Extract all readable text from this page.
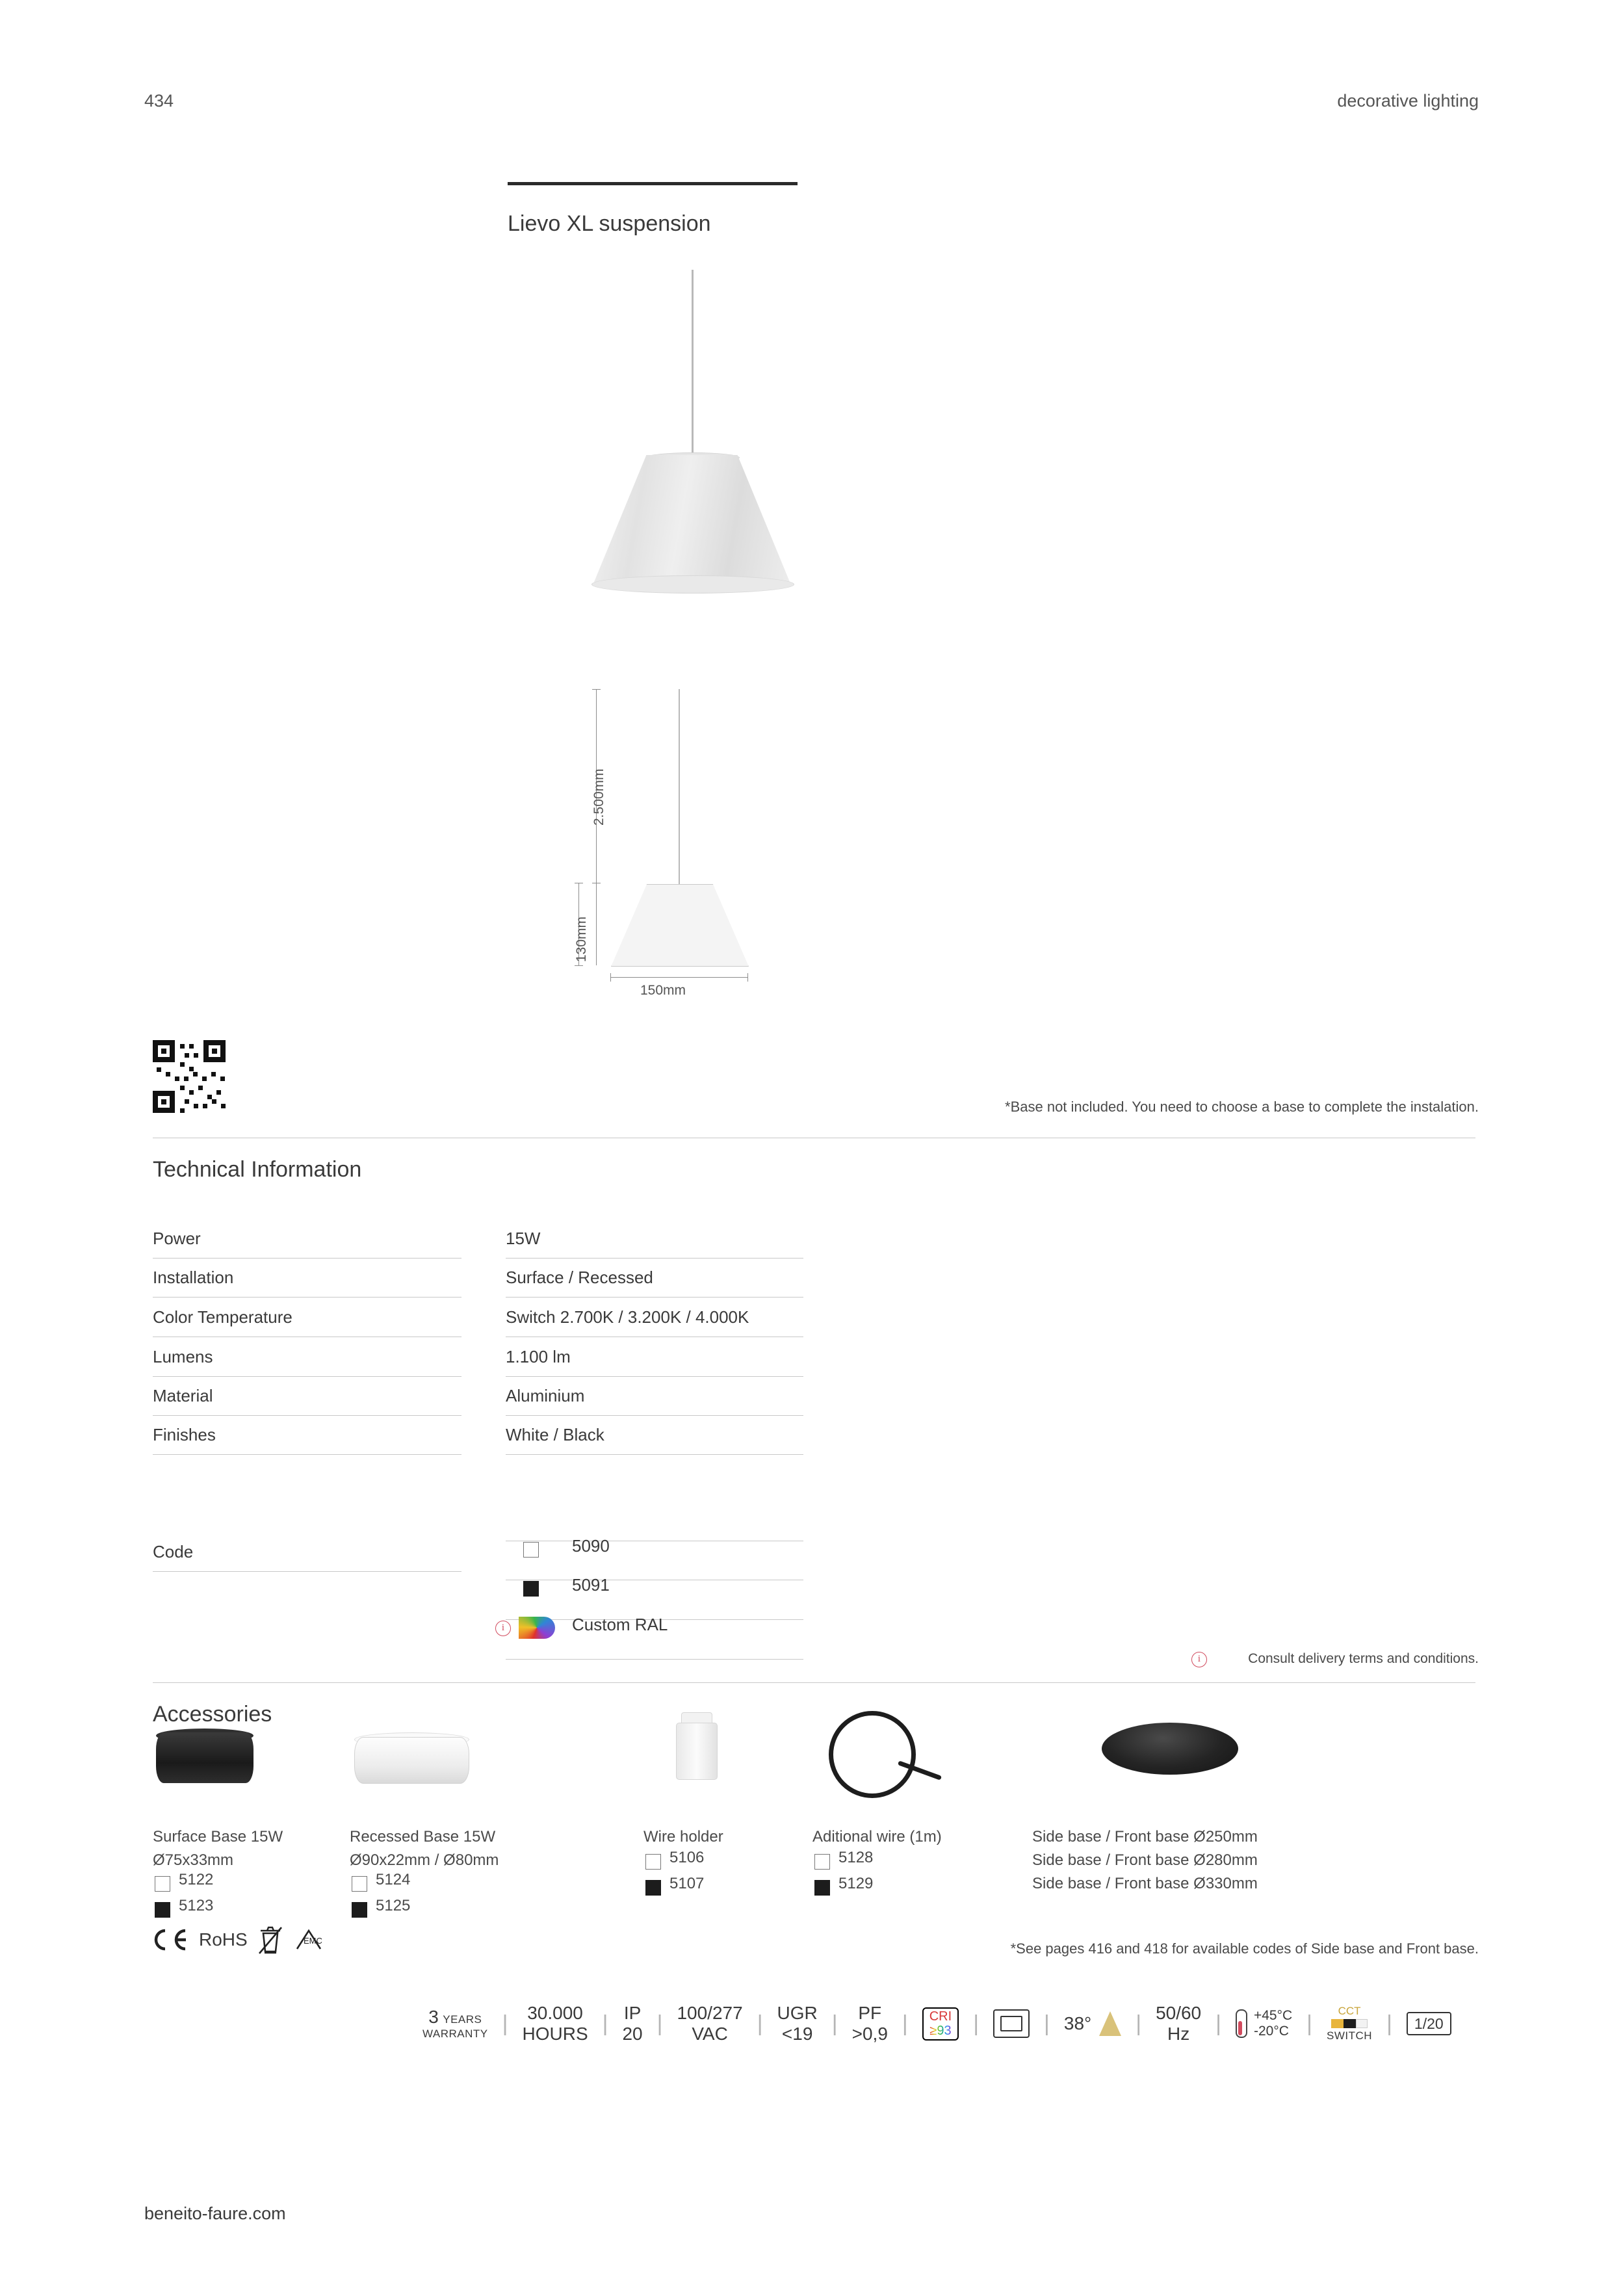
434	decorative lighting
Lievo XL suspension
2.500mm
130mm
150mm
*Base not included. You need to choose a base to complete the instalation.
Technical Information
Power	15W
Installation	Surface / Recessed
Color Temperature	Switch 2.700K / 3.200K / 4.000K
Lumens	1.100 lm
Material	Aluminium
Finishes	White / Black
Code	5090
5091
i	Custom RAL
i	Consult delivery terms and conditions.
Accessories
Surface Base 15W
Ø75x33mm
5122
5123
Recessed Base 15W
Ø90x22mm / Ø80mm
5124
5125
Wire holder
5106
5107
Aditional wire (1m)
5128
5129
Side base / Front base Ø250mm
Side base / Front base Ø280mm
Side base / Front base Ø330mm
RoHS	EMC	*See pages 416 and 418 for available codes of Side base and Front base.
3 YEARS
WARRANTY | 30.000
HOURS | IP
20 | 100/277
VAC | UGR
<19 | PF
>0,9 | CRI
≥93 |	| 38° | 50/60
Hz | +45°C
-20°C | CCT
SWITCH |	1/20
beneito-faure.com
